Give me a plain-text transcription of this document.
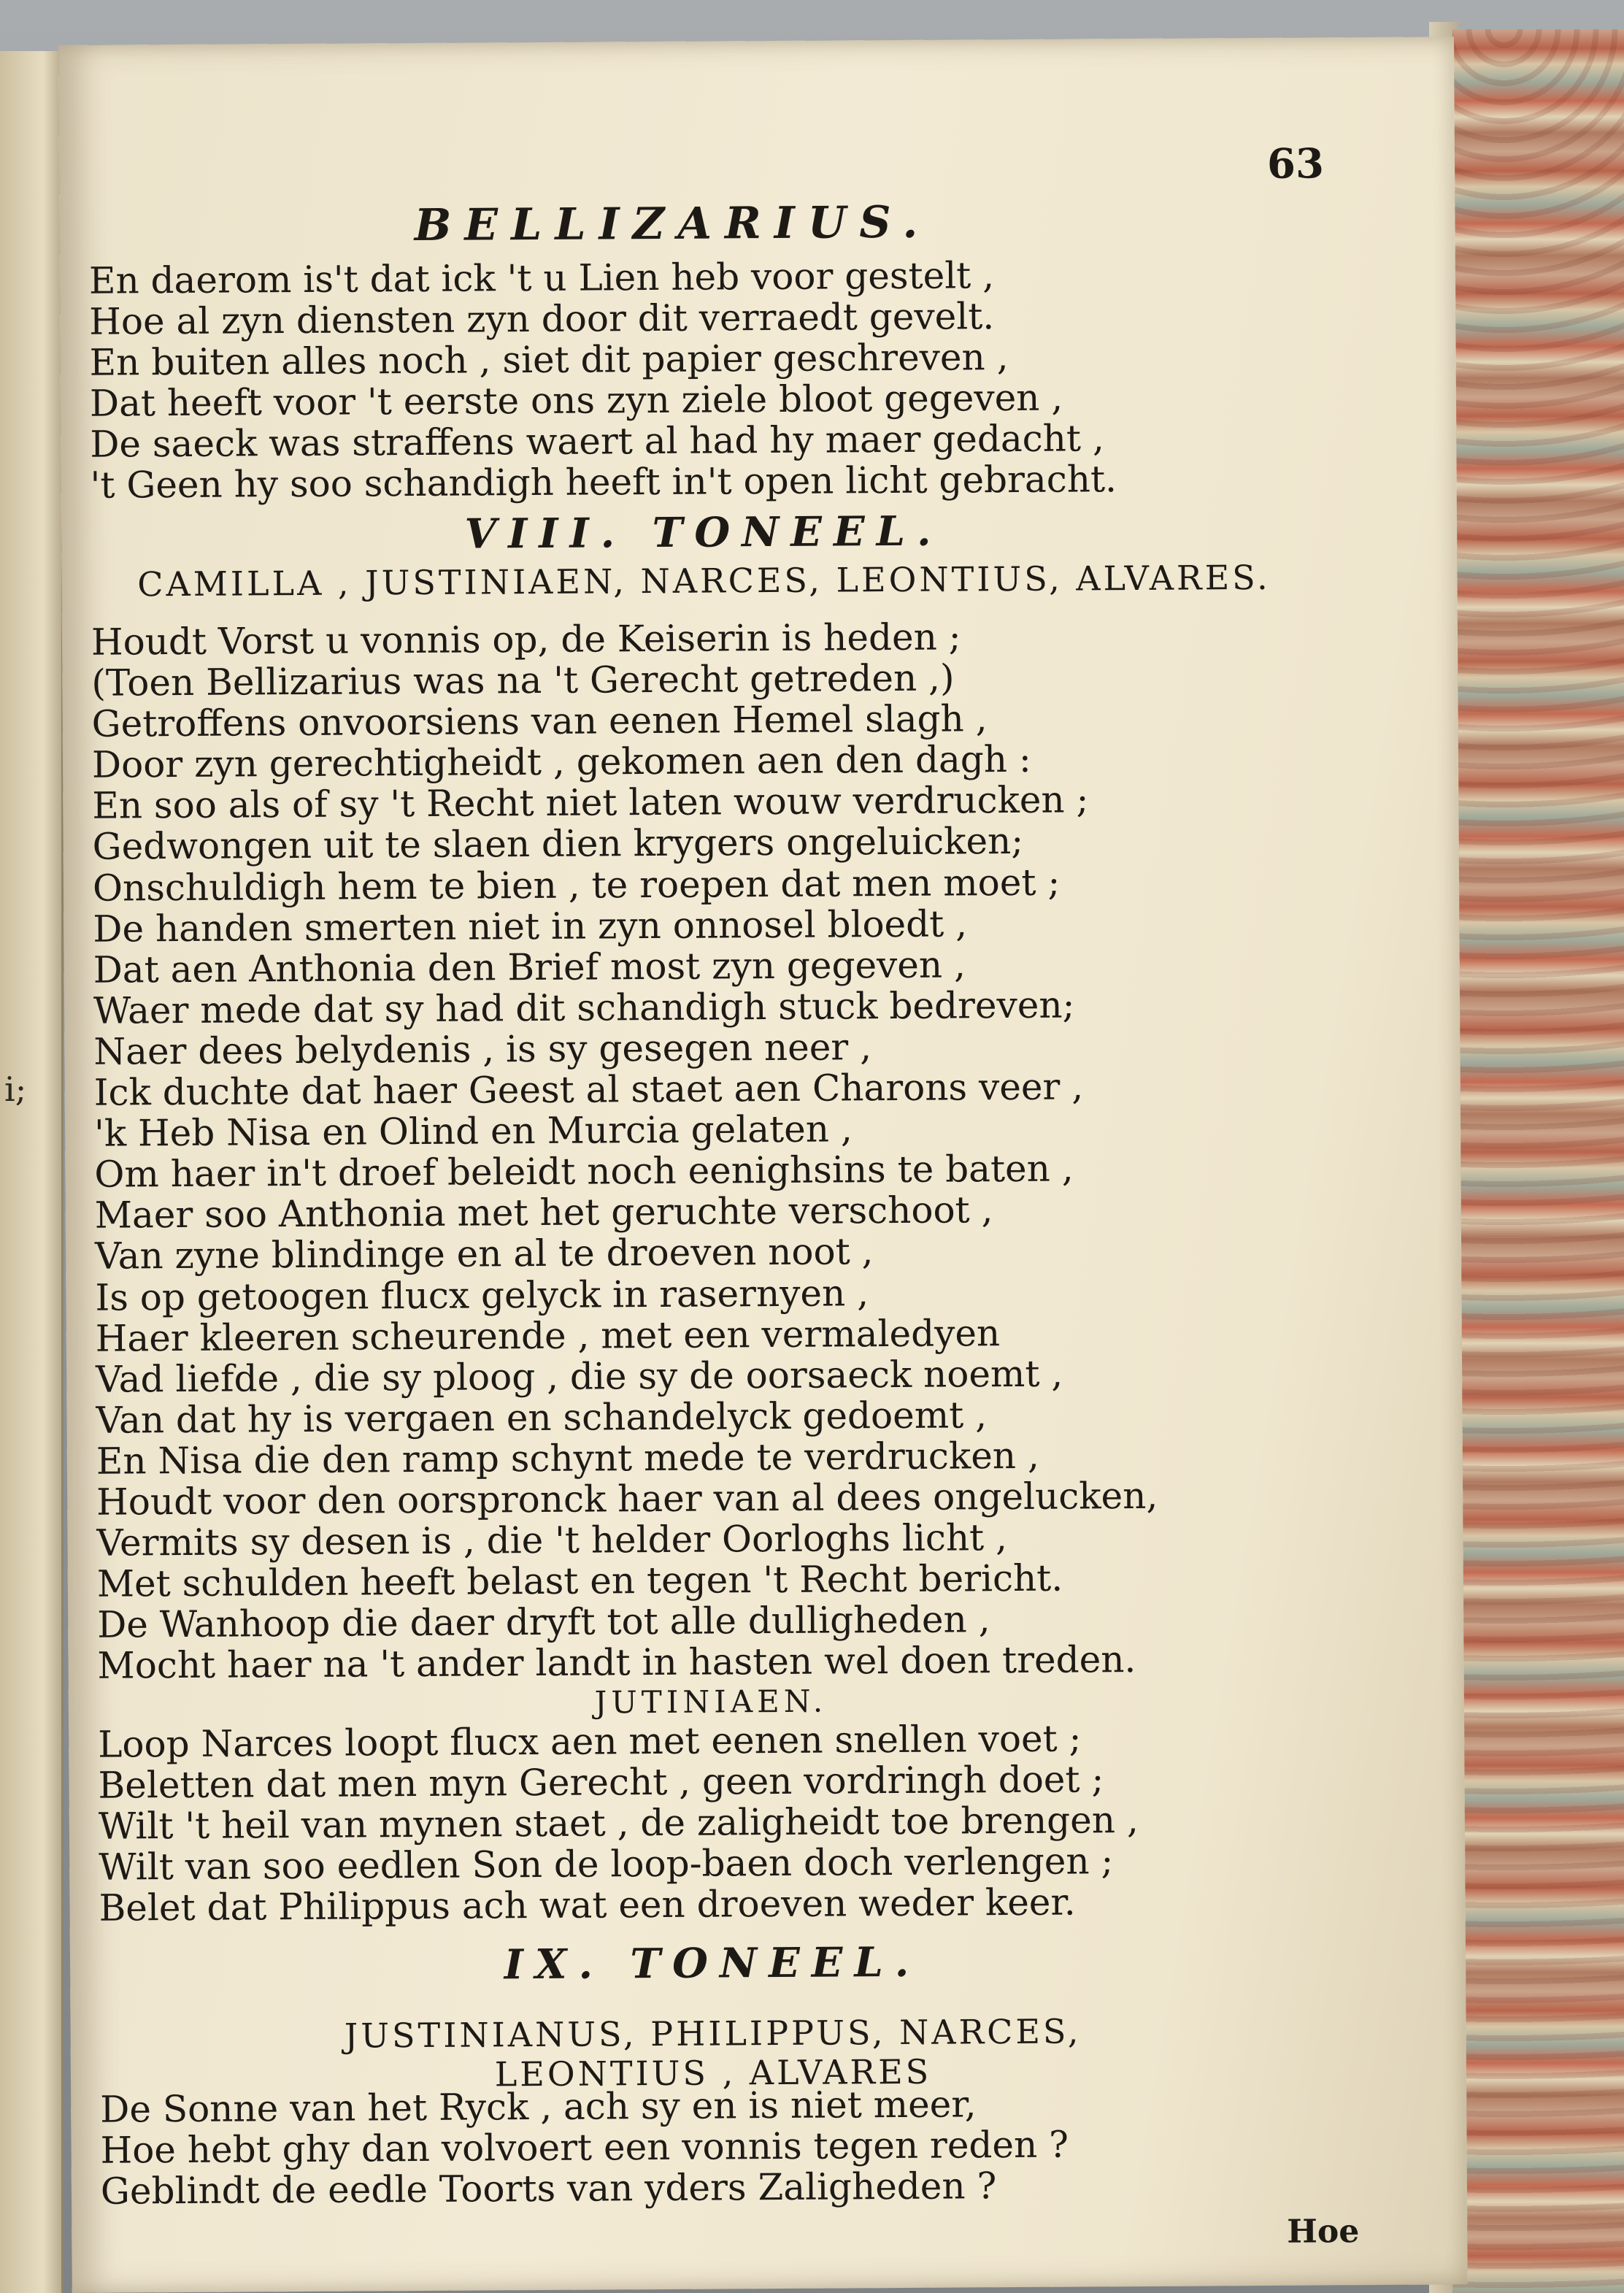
i;
63
BELLIZARIUS.

En daerom is't dat ick 't u Lien heb voor gestelt ,

Hoe al zyn diensten zyn door dit verraedt gevelt.

En buiten alles noch , siet dit papier geschreven ,

Dat heeft voor 't eerste ons zyn ziele bloot gegeven ,

De saeck was straffens waert al had hy maer gedacht ,

't Geen hy soo schandigh heeft in't open licht gebracht.

VIII. TONEEL.
CAMILLA , JUSTINIAEN, NARCES, LEONTIUS, ALVARES.

Houdt Vorst u vonnis op, de Keiserin is heden ;

(Toen Bellizarius was na 't Gerecht getreden ,)

Getroffens onvoorsiens van eenen Hemel slagh ,

Door zyn gerechtigheidt , gekomen aen den dagh :

En soo als of sy 't Recht niet laten wouw verdrucken ;

Gedwongen uit te slaen dien krygers ongeluicken;

Onschuldigh hem te bien , te roepen dat men moet ;

De handen smerten niet in zyn onnosel bloedt ,

Dat aen Anthonia den Brief most zyn gegeven ,

Waer mede dat sy had dit schandigh stuck bedreven;

Naer dees belydenis , is sy gesegen neer ,

Ick duchte dat haer Geest al staet aen Charons veer ,

'k Heb Nisa en Olind en Murcia gelaten ,

Om haer in't droef beleidt noch eenighsins te baten ,

Maer soo Anthonia met het geruchte verschoot ,

Van zyne blindinge en al te droeven noot ,

Is op getoogen flucx gelyck in rasernyen ,

Haer kleeren scheurende , met een vermaledyen

Vad liefde , die sy ploog , die sy de oorsaeck noemt ,

Van dat hy is vergaen en schandelyck gedoemt ,

En Nisa die den ramp schynt mede te verdrucken ,

Houdt voor den oorspronck haer van al dees ongelucken,

Vermits sy desen is , die 't helder Oorloghs licht ,

Met schulden heeft belast en tegen 't Recht bericht.

De Wanhoop die daer dryft tot alle dulligheden ,

Mocht haer na 't ander landt in hasten wel doen treden.

JUTINIAEN.

Loop Narces loopt flucx aen met eenen snellen voet ;

Beletten dat men myn Gerecht , geen vordringh doet ;

Wilt 't heil van mynen staet , de zaligheidt toe brengen ,

Wilt van soo eedlen Son de loop-baen doch verlengen ;

Belet dat Philippus ach wat een droeven weder keer.

IX. TONEEL.
JUSTINIANUS, PHILIPPUS, NARCES,
LEONTIUS , ALVARES

De Sonne van het Ryck , ach sy en is niet meer,

Hoe hebt ghy dan volvoert een vonnis tegen reden ?

Geblindt de eedle Toorts van yders Zaligheden ?

Hoe
